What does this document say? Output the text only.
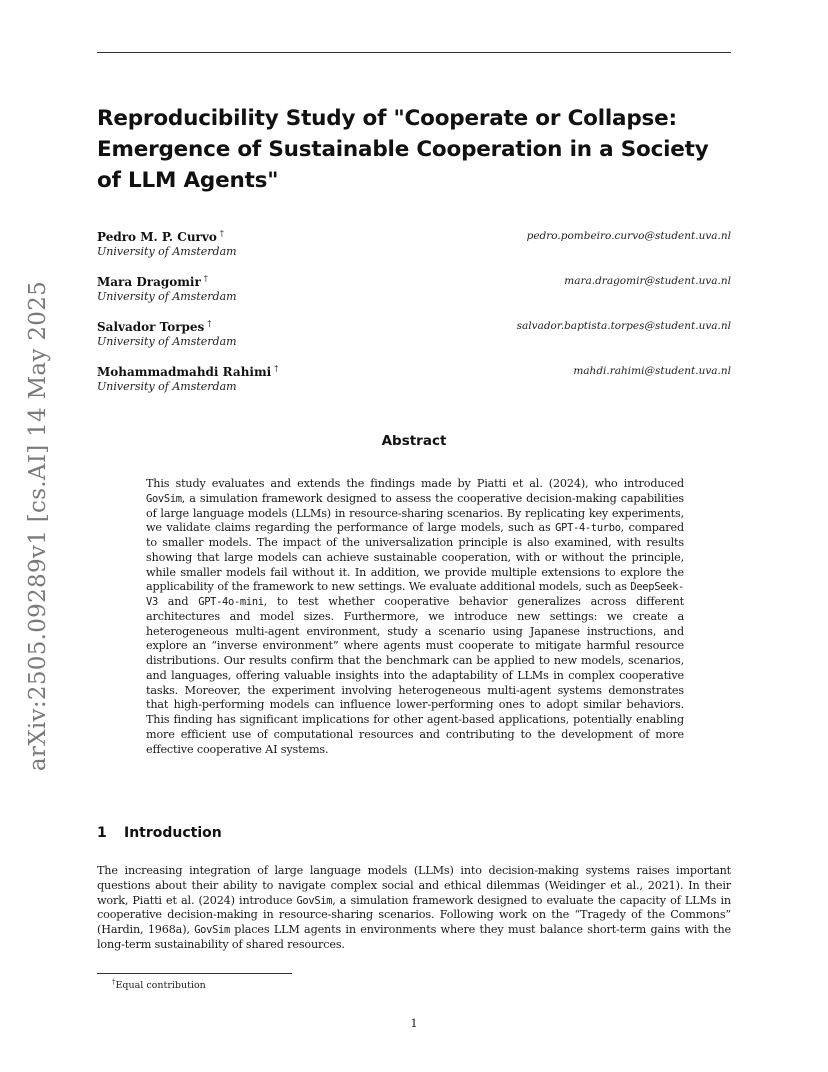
arXiv:2505.09289v1 [cs.AI] 14 May 2025
Reproducibility Study of "Cooperate or Collapse: Emergence of Sustainable Cooperation in a Society of LLM Agents"
Pedro M. P. Curvo †
University of Amsterdam
pedro.pombeiro.curvo@student.uva.nl
Mara Dragomir †
University of Amsterdam
mara.dragomir@student.uva.nl
Salvador Torpes †
University of Amsterdam
salvador.baptista.torpes@student.uva.nl
Mohammadmahdi Rahimi †
University of Amsterdam
mahdi.rahimi@student.uva.nl
Abstract

This study evaluates and extends the findings made by Piatti et al. (2024), who introduced GovSim, a simulation framework designed to assess the cooperative decision-making capabilities of large language models (LLMs) in resource-sharing scenarios. By replicating key experiments, we validate claims regarding the performance of large models, such as GPT-4-turbo, compared to smaller models. The impact of the universalization principle is also examined, with results showing that large models can achieve sustainable cooperation, with or without the principle, while smaller models fail without it. In addition, we provide multiple extensions to explore the applicability of the framework to new settings. We evaluate additional models, such as DeepSeek-V3 and GPT-4o-mini, to test whether cooperative behavior generalizes across different architectures and model sizes. Furthermore, we introduce new settings: we create a heterogeneous multi-agent environment, study a scenario using Japanese instructions, and explore an “inverse environment” where agents must cooperate to mitigate harmful resource distributions. Our results confirm that the benchmark can be applied to new models, scenarios, and languages, offering valuable insights into the adaptability of LLMs in complex cooperative tasks. Moreover, the experiment involving heterogeneous multi-agent systems demonstrates that high-performing models can influence lower-performing ones to adopt similar behaviors. This finding has significant implications for other agent-based applications, potentially enabling more efficient use of computational resources and contributing to the development of more effective cooperative AI systems.

1 Introduction

The increasing integration of large language models (LLMs) into decision-making systems raises important questions about their ability to navigate complex social and ethical dilemmas (Weidinger et al., 2021). In their work, Piatti et al. (2024) introduce GovSim, a simulation framework designed to evaluate the capacity of LLMs in cooperative decision-making in resource-sharing scenarios. Following work on the “Tragedy of the Commons” (Hardin, 1968a), GovSim places LLM agents in environments where they must balance short-term gains with the long-term sustainability of shared resources.

†Equal contribution
1
